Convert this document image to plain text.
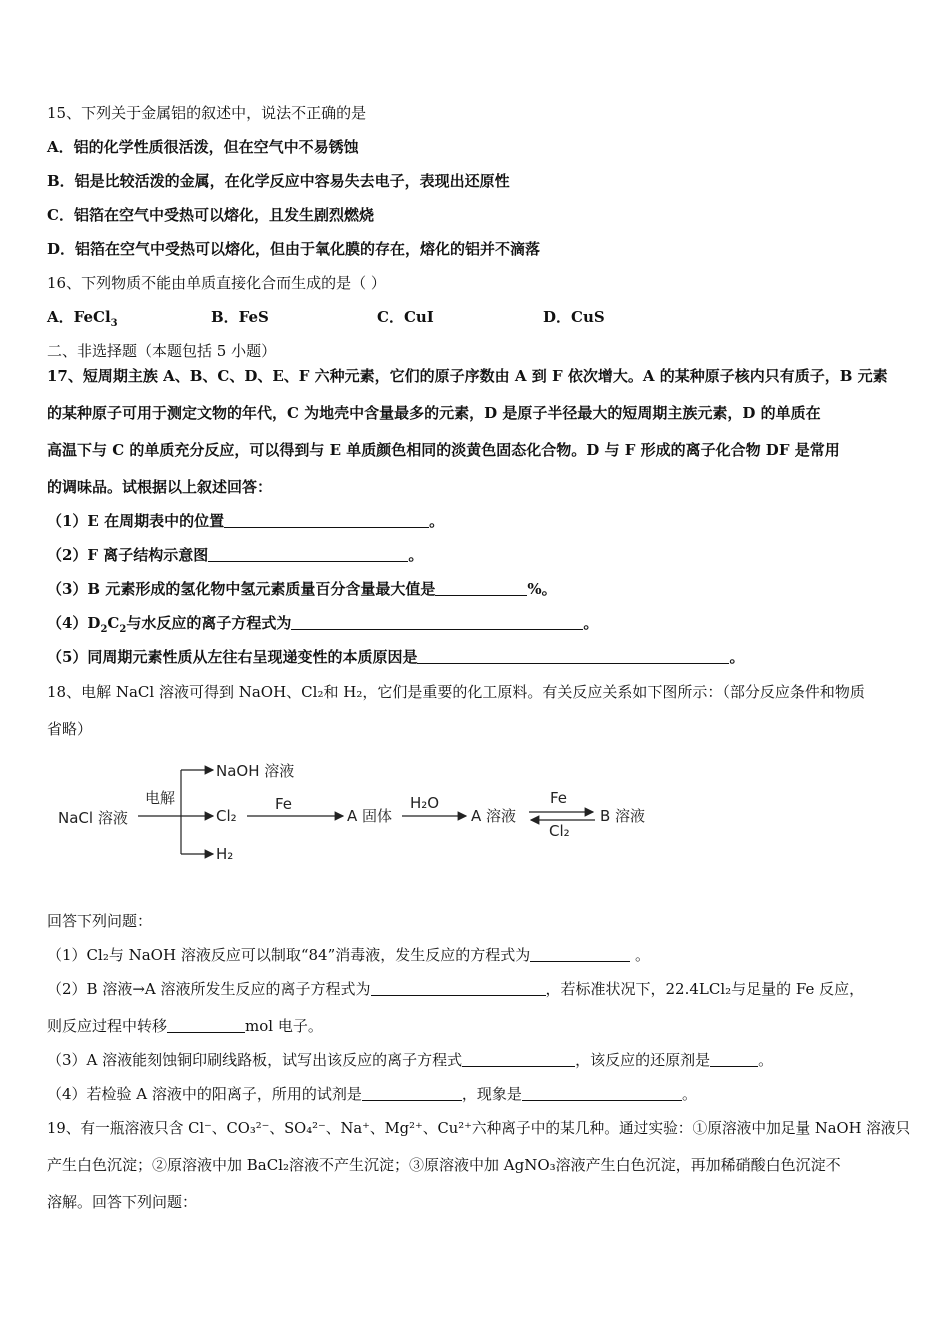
15、下列关于金属铝的叙述中，说法不正确的是
A．铝的化学性质很活泼，但在空气中不易锈蚀
B．铝是比较活泼的金属，在化学反应中容易失去电子，表现出还原性
C．铝箔在空气中受热可以熔化，且发生剧烈燃烧
D．铝箔在空气中受热可以熔化，但由于氧化膜的存在，熔化的铝并不滴落
16、下列物质不能由单质直接化合而生成的是（ ）
A．FeCl$_3$	B．FeS	C．CuI	D．CuS
二、非选择题（本题包括 5 小题）
17、短周期主族 A、B、C、D、E、F 六种元素，它们的原子序数由 A 到 F 依次增大。A 的某种原子核内只有质子，B 元素
的某种原子可用于测定文物的年代，C 为地壳中含量最多的元素，D 是原子半径最大的短周期主族元素，D 的单质在
高温下与 C 的单质充分反应，可以得到与 E 单质颜色相同的淡黄色固态化合物。D 与 F 形成的离子化合物 DF 是常用
的调味品。试根据以上叙述回答：
（1）E 在周期表中的位置	。
（2）F 离子结构示意图	。
（3）B 元素形成的氢化物中氢元素质量百分含量最大值是	%。
$(4)D_2C_2$与水反应的离子方程式为	。
（5）同周期元素性质从左往右呈现递变性的本质原因是	。
18、电解 NaCl 溶液可得到 NaOH、Cl₂和 H₂，它们是重要的化工原料。有关反应关系如下图所示：（部分反应条件和物质
省略）
NaCl 溶液
电解
NaOH 溶液
Cl₂
H₂
Fe
A 固体
H₂O
A 溶液
Fe
Cl₂
B 溶液
回答下列问题：
（1）Cl₂与 NaOH 溶液反应可以制取“84”消毒液，发生反应的方程式为	。
（2）B 溶液→A 溶液所发生反应的离子方程式为	，若标准状况下，22.4LCl₂与足量的 Fe 反应，
则反应过程中转移	mol 电子。
（3）A 溶液能刻蚀铜印刷线路板，试写出该反应的离子方程式	，该反应的还原剂是	。
（4）若检验 A 溶液中的阳离子，所用的试剂是	，现象是	。
19、有一瓶溶液只含 Cl⁻、CO₃²⁻、SO₄²⁻、Na⁺、Mg²⁺、Cu²⁺六种离子中的某几种。通过实验：①原溶液中加足量 NaOH 溶液只
产生白色沉淀；②原溶液中加 BaCl₂溶液不产生沉淀；③原溶液中加 AgNO₃溶液产生白色沉淀，再加稀硝酸白色沉淀不
溶解。回答下列问题：
